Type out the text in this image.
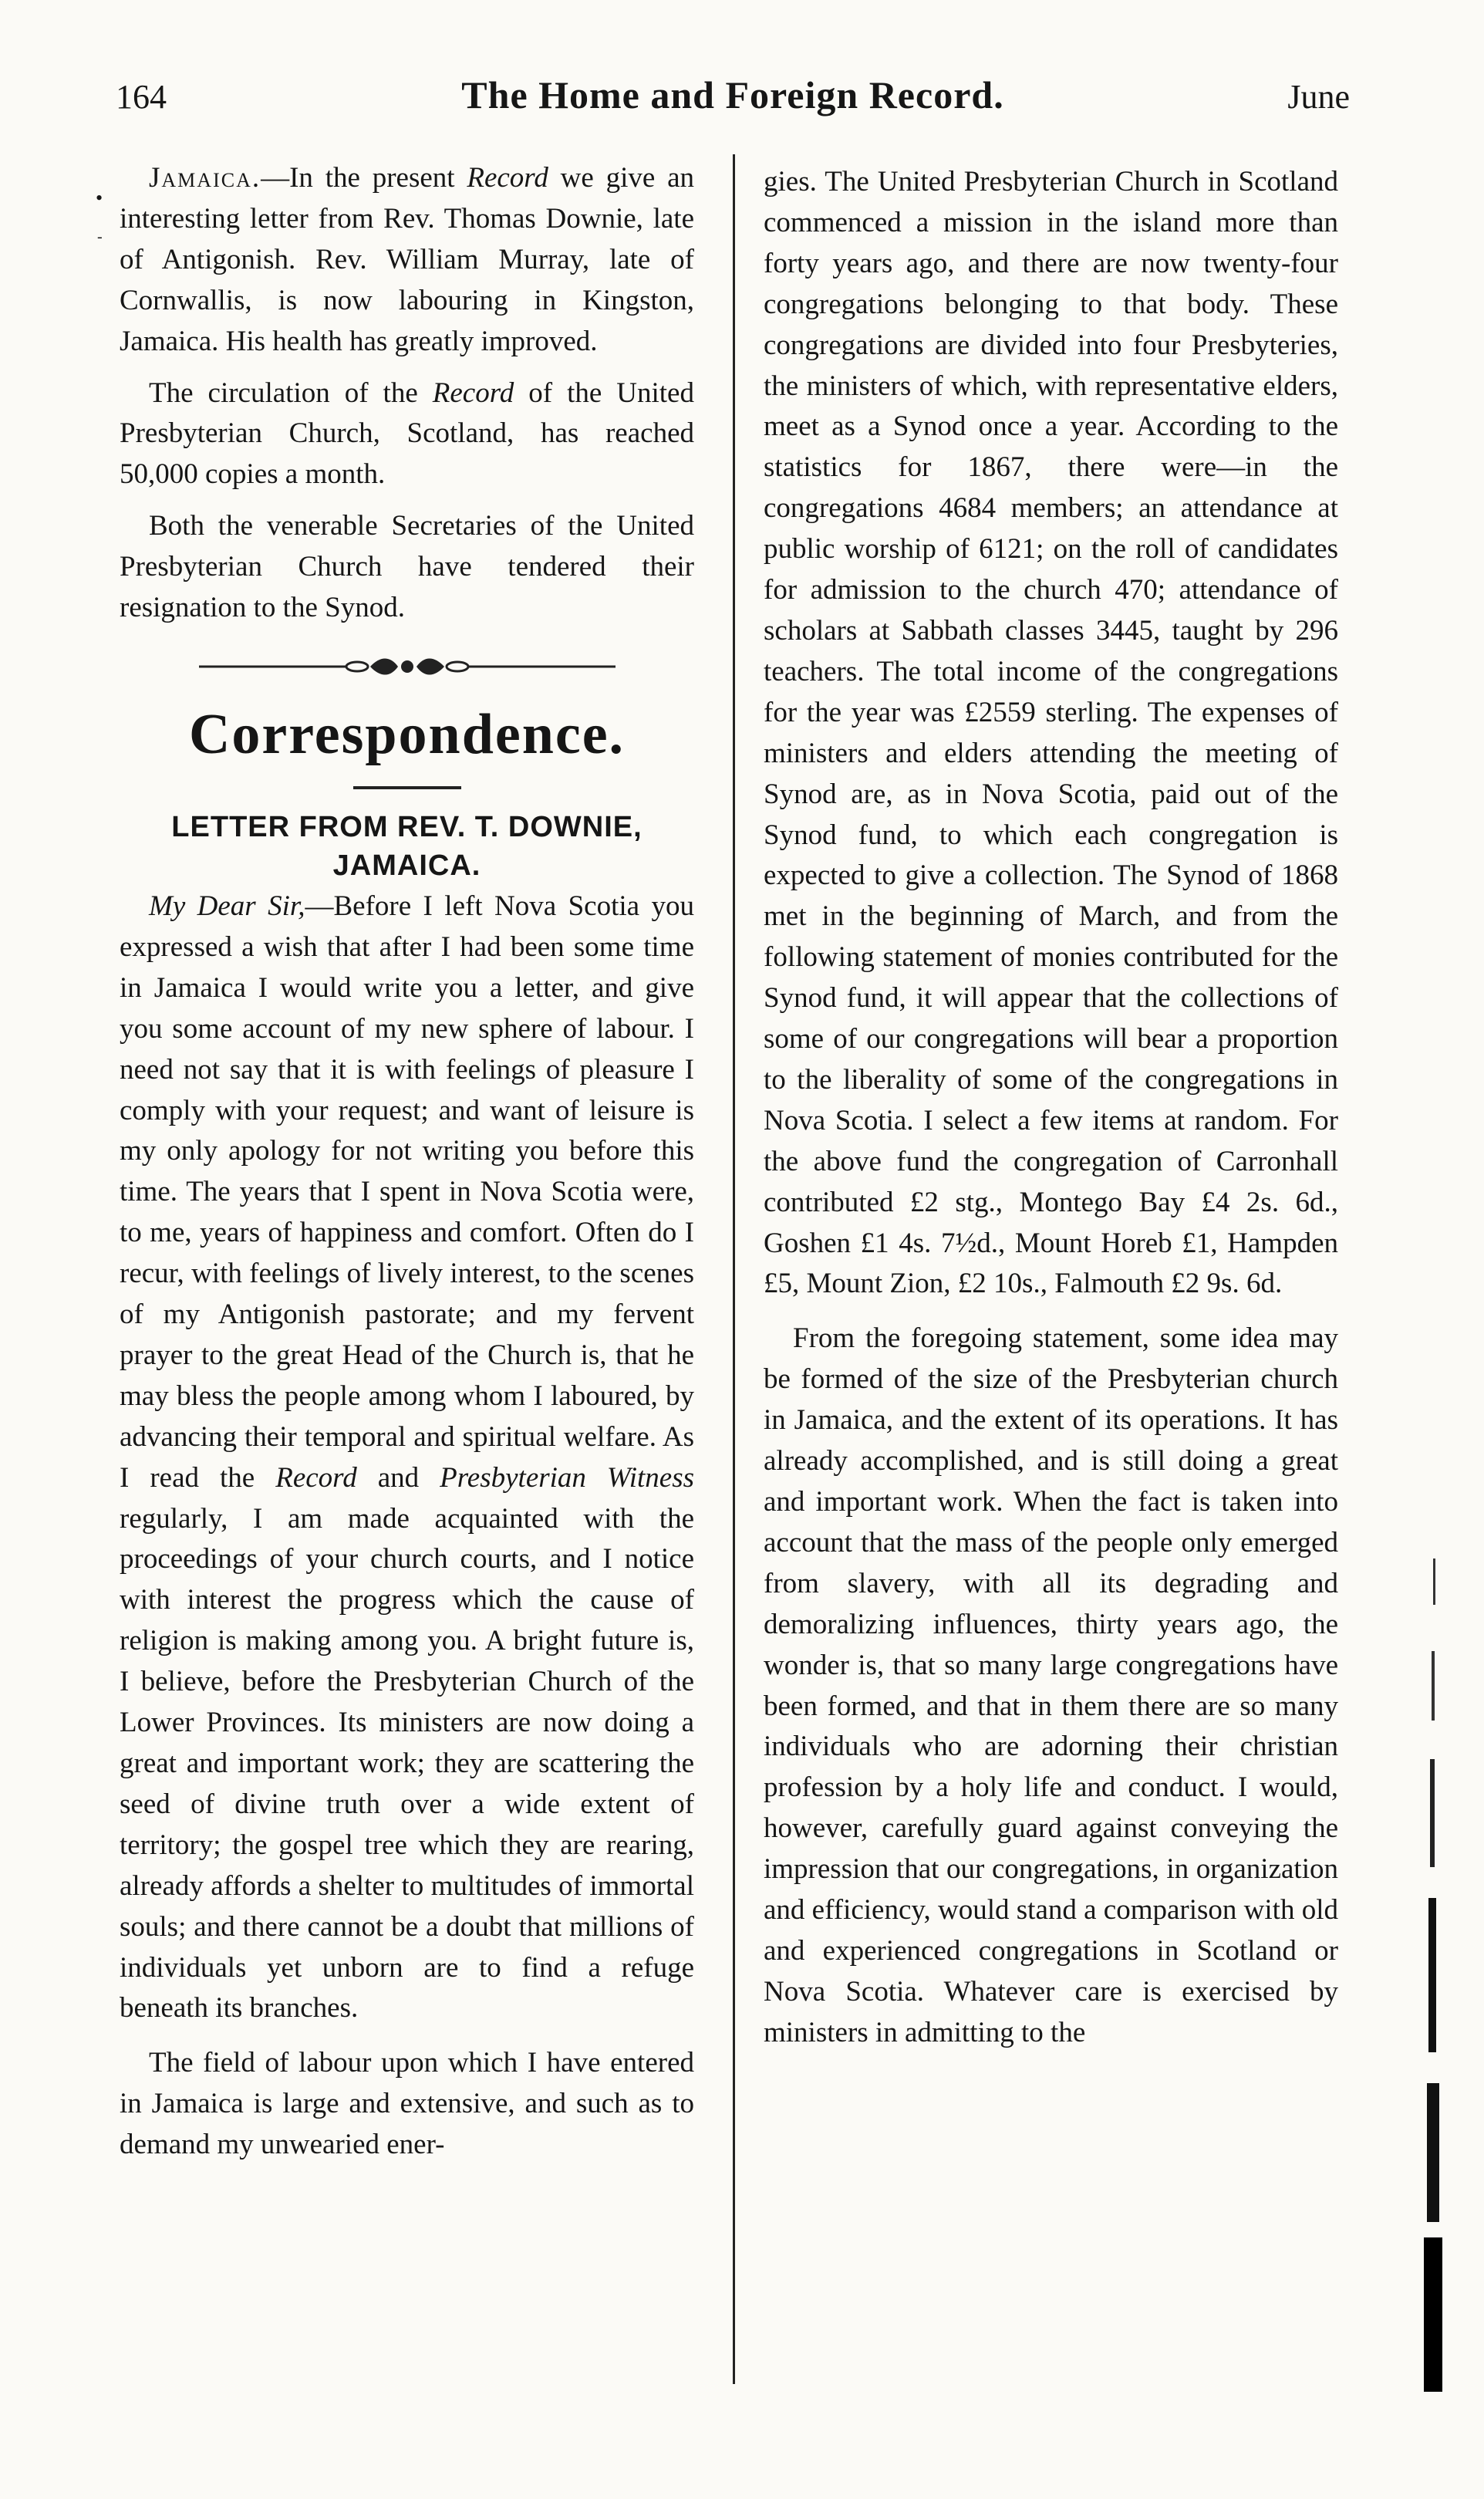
164	The Home and Foreign Record.	June
•
-

Jamaica.—In the present Record we give an interesting letter from Rev. Thomas Downie, late of Antigonish. Rev. William Murray, late of Cornwallis, is now labouring in Kingston, Jamaica. His health has greatly improved.

The circulation of the Record of the United Presbyterian Church, Scotland, has reached 50,000 copies a month.

Both the venerable Secretaries of the United Presbyterian Church have tendered their resignation to the Synod.

Correspondence.
LETTER FROM REV. T. DOWNIE, JAMAICA.

My Dear Sir,—Before I left Nova Scotia you expressed a wish that after I had been some time in Jamaica I would write you a letter, and give you some account of my new sphere of labour. I need not say that it is with feelings of pleasure I comply with your request; and want of leisure is my only apology for not writing you before this time. The years that I spent in Nova Scotia were, to me, years of happiness and comfort. Often do I recur, with feelings of lively interest, to the scenes of my Antigonish pastorate; and my fervent prayer to the great Head of the Church is, that he may bless the people among whom I laboured, by advancing their temporal and spiritual welfare. As I read the Record and Presbyterian Witness regularly, I am made acquainted with the proceedings of your church courts, and I notice with interest the progress which the cause of religion is making among you. A bright future is, I believe, before the Presbyterian Church of the Lower Provinces. Its ministers are now doing a great and important work; they are scattering the seed of divine truth over a wide extent of territory; the gospel tree which they are rearing, already affords a shelter to multitudes of immortal souls; and there cannot be a doubt that millions of individuals yet unborn are to find a refuge beneath its branches.

The field of labour upon which I have entered in Jamaica is large and extensive, and such as to demand my unwearied ener-

gies. The United Presbyterian Church in Scotland commenced a mission in the island more than forty years ago, and there are now twenty-four congregations belonging to that body. These congregations are divided into four Presbyteries, the ministers of which, with representative elders, meet as a Synod once a year. According to the statistics for 1867, there were—in the congregations 4684 members; an attendance at public worship of 6121; on the roll of candidates for admission to the church 470; attendance of scholars at Sabbath classes 3445, taught by 296 teachers. The total income of the congregations for the year was £2559 sterling. The expenses of ministers and elders attending the meeting of Synod are, as in Nova Scotia, paid out of the Synod fund, to which each congregation is expected to give a collection. The Synod of 1868 met in the beginning of March, and from the following statement of monies contributed for the Synod fund, it will appear that the collections of some of our congregations will bear a proportion to the liberality of some of the congregations in Nova Scotia. I select a few items at random. For the above fund the congregation of Carronhall contributed £2 stg., Montego Bay £4 2s. 6d., Goshen £1 4s. 7½d., Mount Horeb £1, Hampden £5, Mount Zion, £2 10s., Falmouth £2 9s. 6d.

From the foregoing statement, some idea may be formed of the size of the Presbyterian church in Jamaica, and the extent of its operations. It has already accomplished, and is still doing a great and important work. When the fact is taken into account that the mass of the people only emerged from slavery, with all its degrading and demoralizing influences, thirty years ago, the wonder is, that so many large congregations have been formed, and that in them there are so many individuals who are adorning their christian profession by a holy life and conduct. I would, however, carefully guard against conveying the impression that our congregations, in organization and efficiency, would stand a comparison with old and experienced congregations in Scotland or Nova Scotia. Whatever care is exercised by ministers in admitting to the
